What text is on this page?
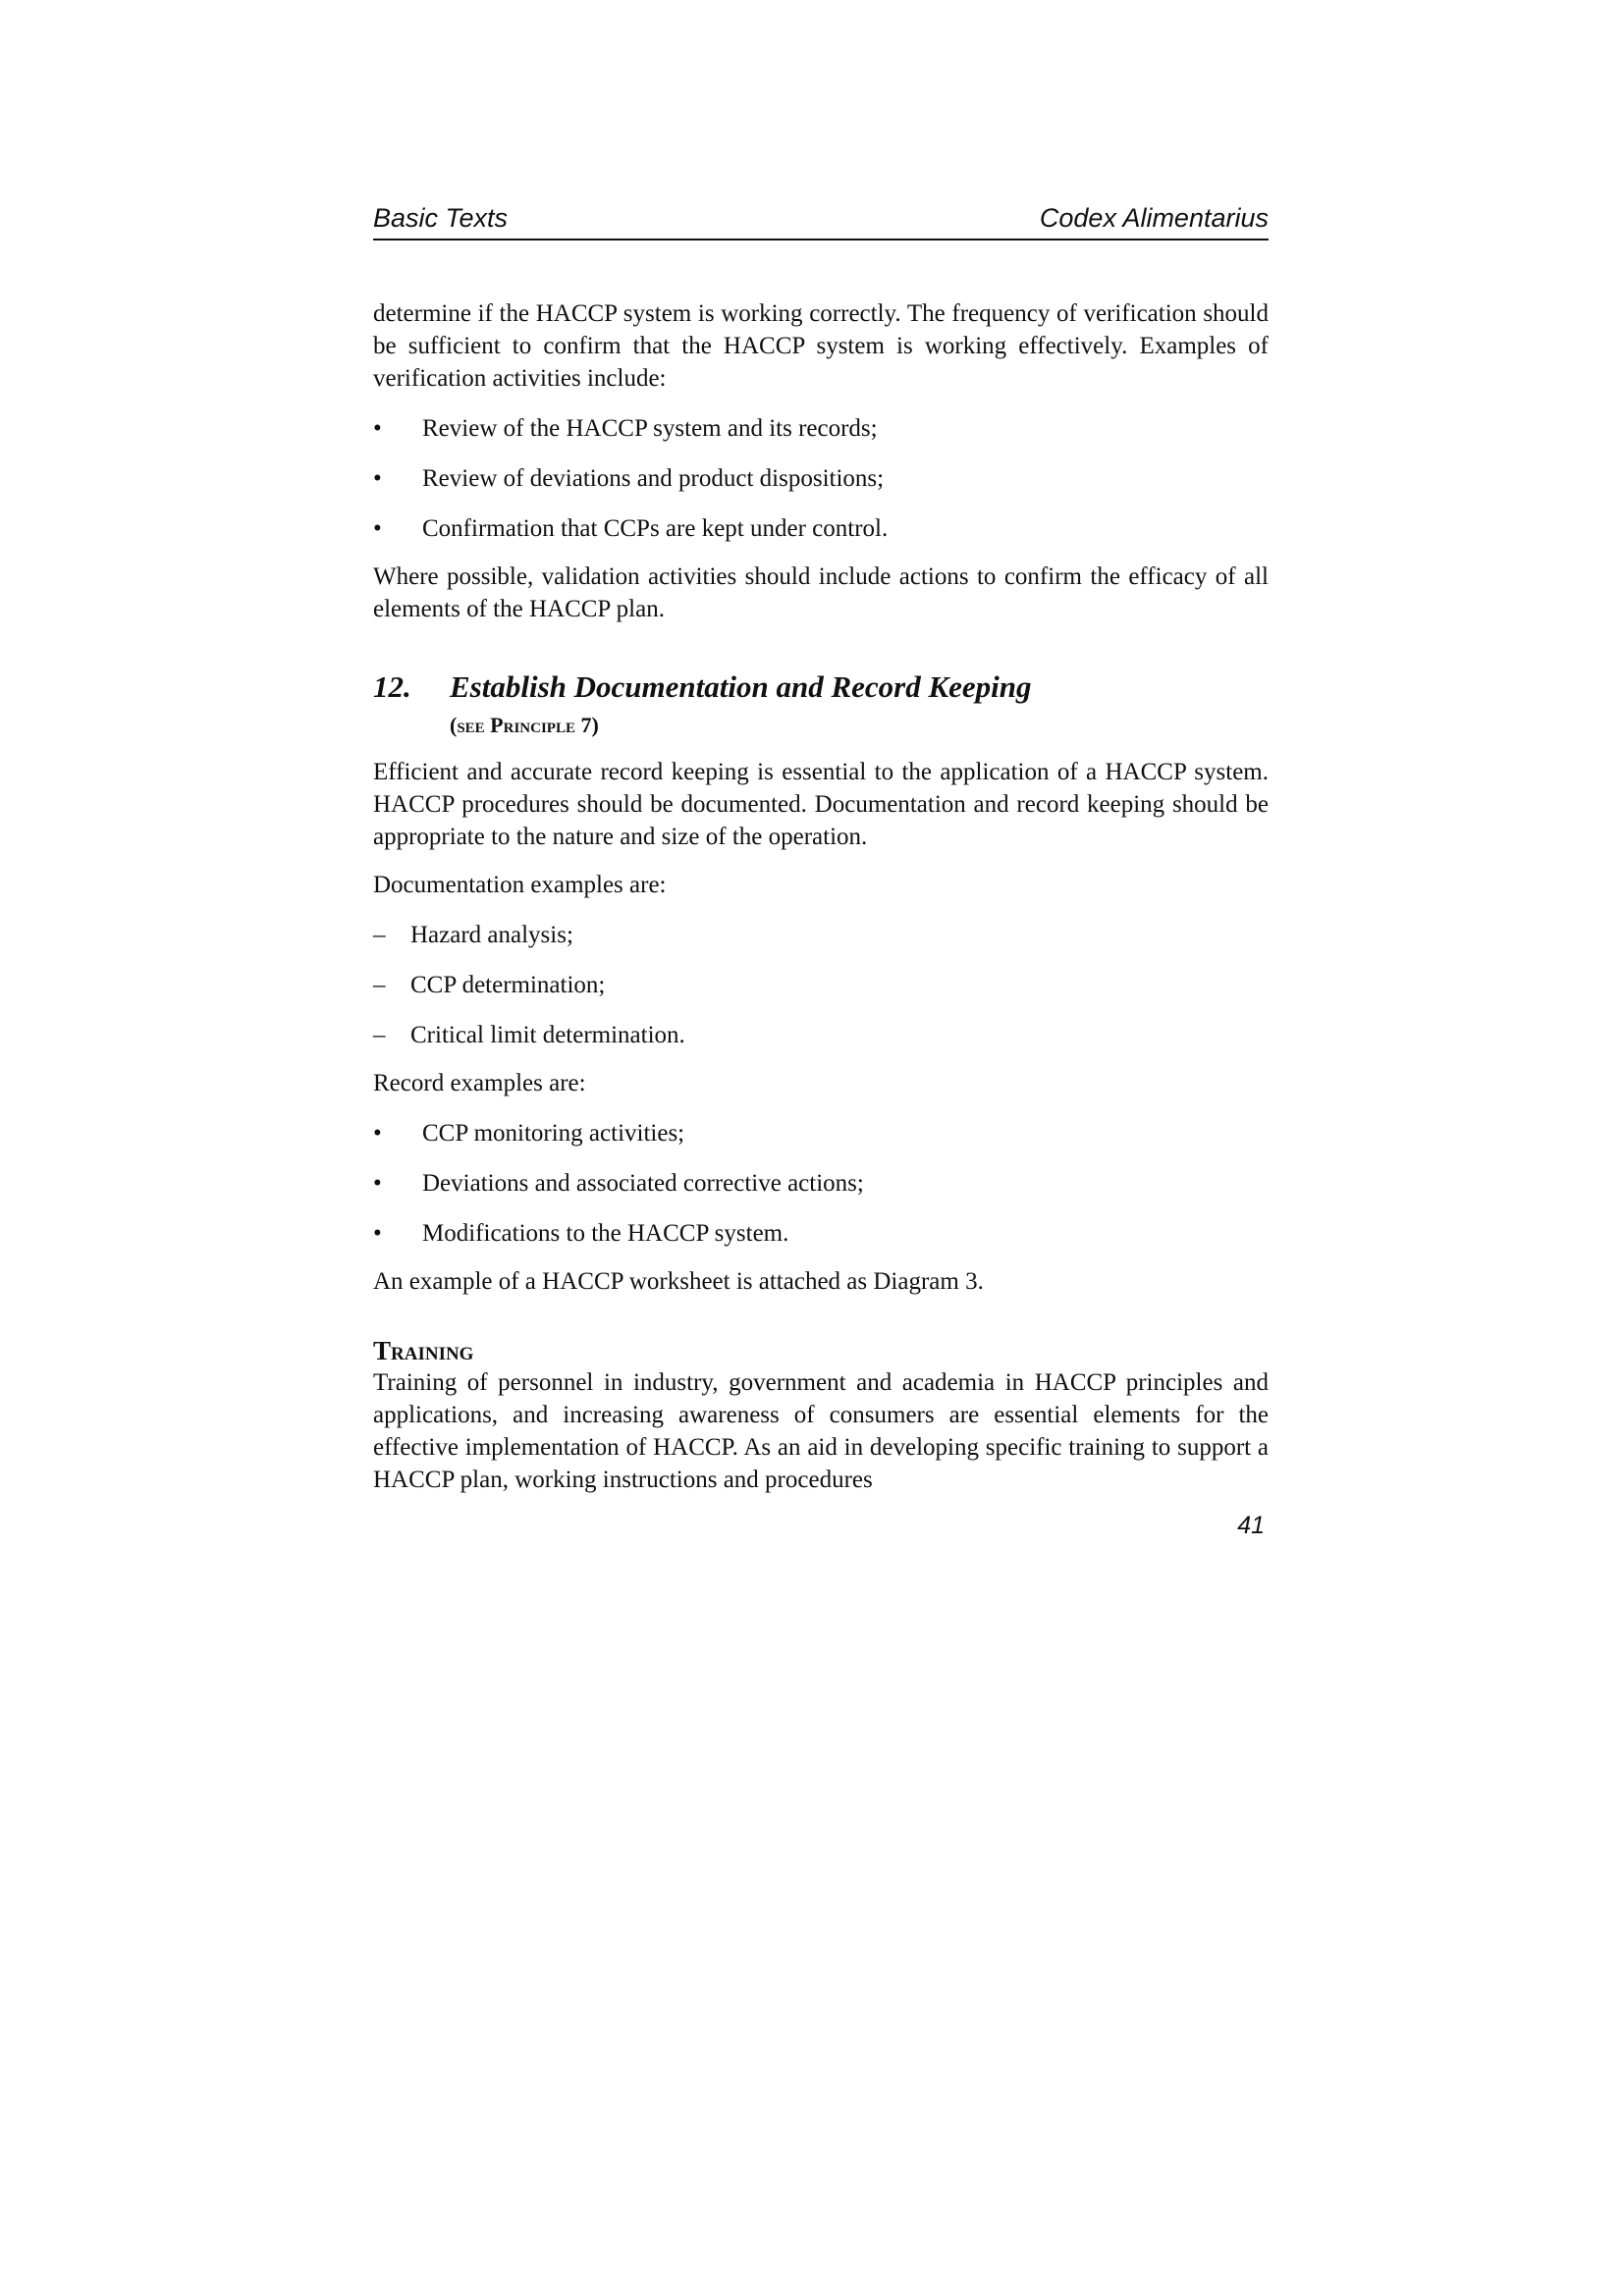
Basic Texts	Codex Alimentarius

determine if the HACCP system is working correctly. The frequency of verification should be sufficient to confirm that the HACCP system is working effectively. Examples of verification activities include:

•	Review of the HACCP system and its records;
•	Review of deviations and product dispositions;
•	Confirmation that CCPs are kept under control.

Where possible, validation activities should include actions to confirm the efficacy of all elements of the HACCP plan.

12.	Establish Documentation and Record Keeping
(see Principle 7)

Efficient and accurate record keeping is essential to the application of a HACCP system. HACCP procedures should be documented. Documentation and record keeping should be appropriate to the nature and size of the operation.

Documentation examples are:

–	Hazard analysis;
–	CCP determination;
–	Critical limit determination.

Record examples are:

•	CCP monitoring activities;
•	Deviations and associated corrective actions;
•	Modifications to the HACCP system.

An example of a HACCP worksheet is attached as Diagram 3.

Training

Training of personnel in industry, government and academia in HACCP principles and applications, and increasing awareness of consumers are essential elements for the effective implementation of HACCP. As an aid in developing specific training to support a HACCP plan, working instructions and procedures

41
